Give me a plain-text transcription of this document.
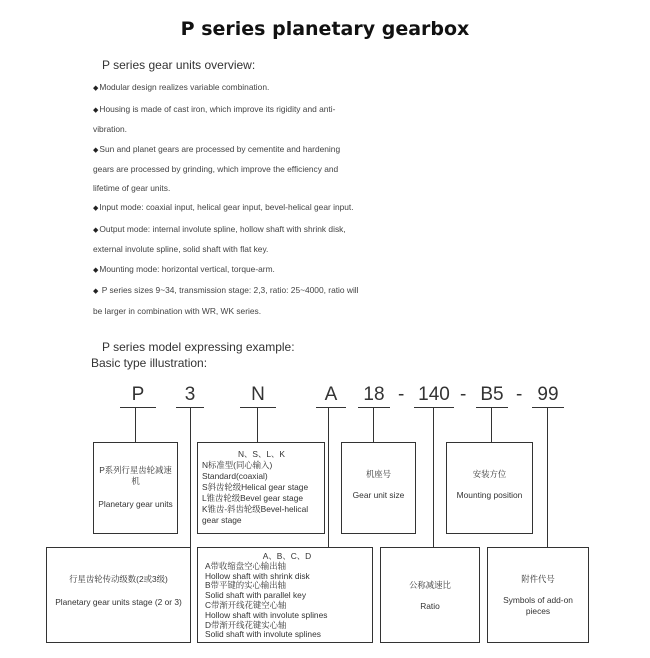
P series planetary gearbox
P series gear units overview:
◆Modular design realizes variable combination.
◆Housing is made of cast iron, which improve its rigidity and anti-vibration.
◆Sun and planet gears are processed by cementite and hardening gears are processed by grinding, which improve the efficiency and lifetime of gear units.
◆Input mode: coaxial input, helical gear input, bevel-helical gear input.
◆Output mode: internal involute spline, hollow shaft with shrink disk, external involute spline, solid shaft with flat key.
◆Mounting mode: horizontal vertical, torque-arm.
◆ P series sizes 9~34, transmission stage: 2,3, ratio: 25~4000, ratio will be larger in combination with WR, WK series.
P series model expressing example:
Basic type illustration:
P	3	N	A	18 - 140 - B5 - 99
P系列行星齿轮减速机
Planetary gear units
N、S、L、K
N标准型(同心输入)
Standard(coaxial)
S斜齿轮级Helical gear stage
L锥齿轮级Bevel gear stage
K锥齿-斜齿轮级Bevel-helical gear stage
机座号
Gear unit size
安装方位
Mounting position
行星齿轮传动级数(2或3级)
Planetary gear units stage (2 or 3)
A、B、C、D
A带收缩盘空心输出轴
Hollow shaft with shrink disk
B带平键的实心输出轴
Solid shaft with parallel key
C带渐开线花键空心轴
Hollow shaft with involute splines
D带渐开线花键实心轴
Solid shaft with involute splines
公称减速比
Ratio
附件代号
Symbols of add-on pieces
